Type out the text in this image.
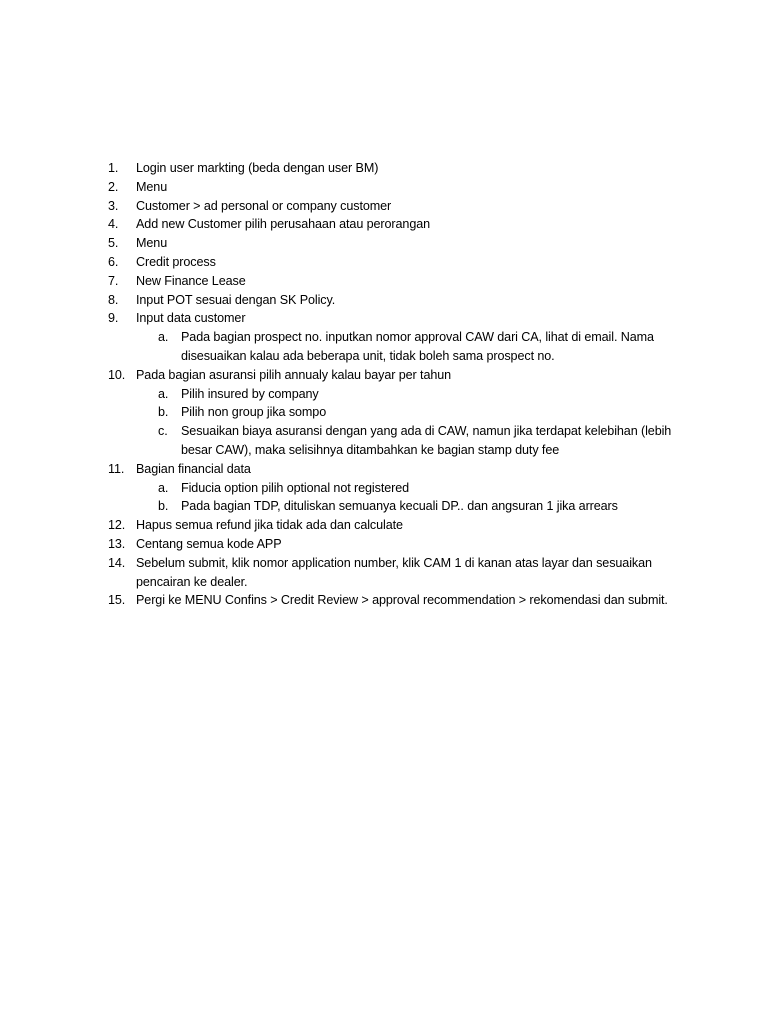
1.	Login user markting (beda dengan user BM)
2.	Menu
3.	Customer > ad personal or company customer
4.	Add new Customer pilih perusahaan atau perorangan
5.	Menu
6.	Credit process
7.	New Finance Lease
8.	Input POT sesuai dengan SK Policy.
9.	Input data customer
a.	Pada bagian prospect no. inputkan nomor approval CAW dari CA, lihat di email. Nama disesuaikan kalau ada beberapa unit, tidak boleh sama prospect no.
10. Pada bagian asuransi pilih annualy kalau bayar per tahun
a.	Pilih insured by company
b.	Pilih non group jika sompo
c.	Sesuaikan biaya asuransi dengan yang ada di CAW, namun jika terdapat kelebihan (lebih besar CAW), maka selisihnya ditambahkan ke bagian stamp duty fee
11. Bagian financial data
a.	Fiducia option pilih optional not registered
b.	Pada bagian TDP, dituliskan semuanya kecuali DP.. dan angsuran 1 jika arrears
12. Hapus semua refund jika tidak ada dan calculate
13. Centang semua kode APP
14. Sebelum submit, klik nomor application number, klik CAM 1 di kanan atas layar dan sesuaikan pencairan ke dealer.
15. Pergi ke MENU Confins > Credit Review > approval recommendation > rekomendasi dan submit.
